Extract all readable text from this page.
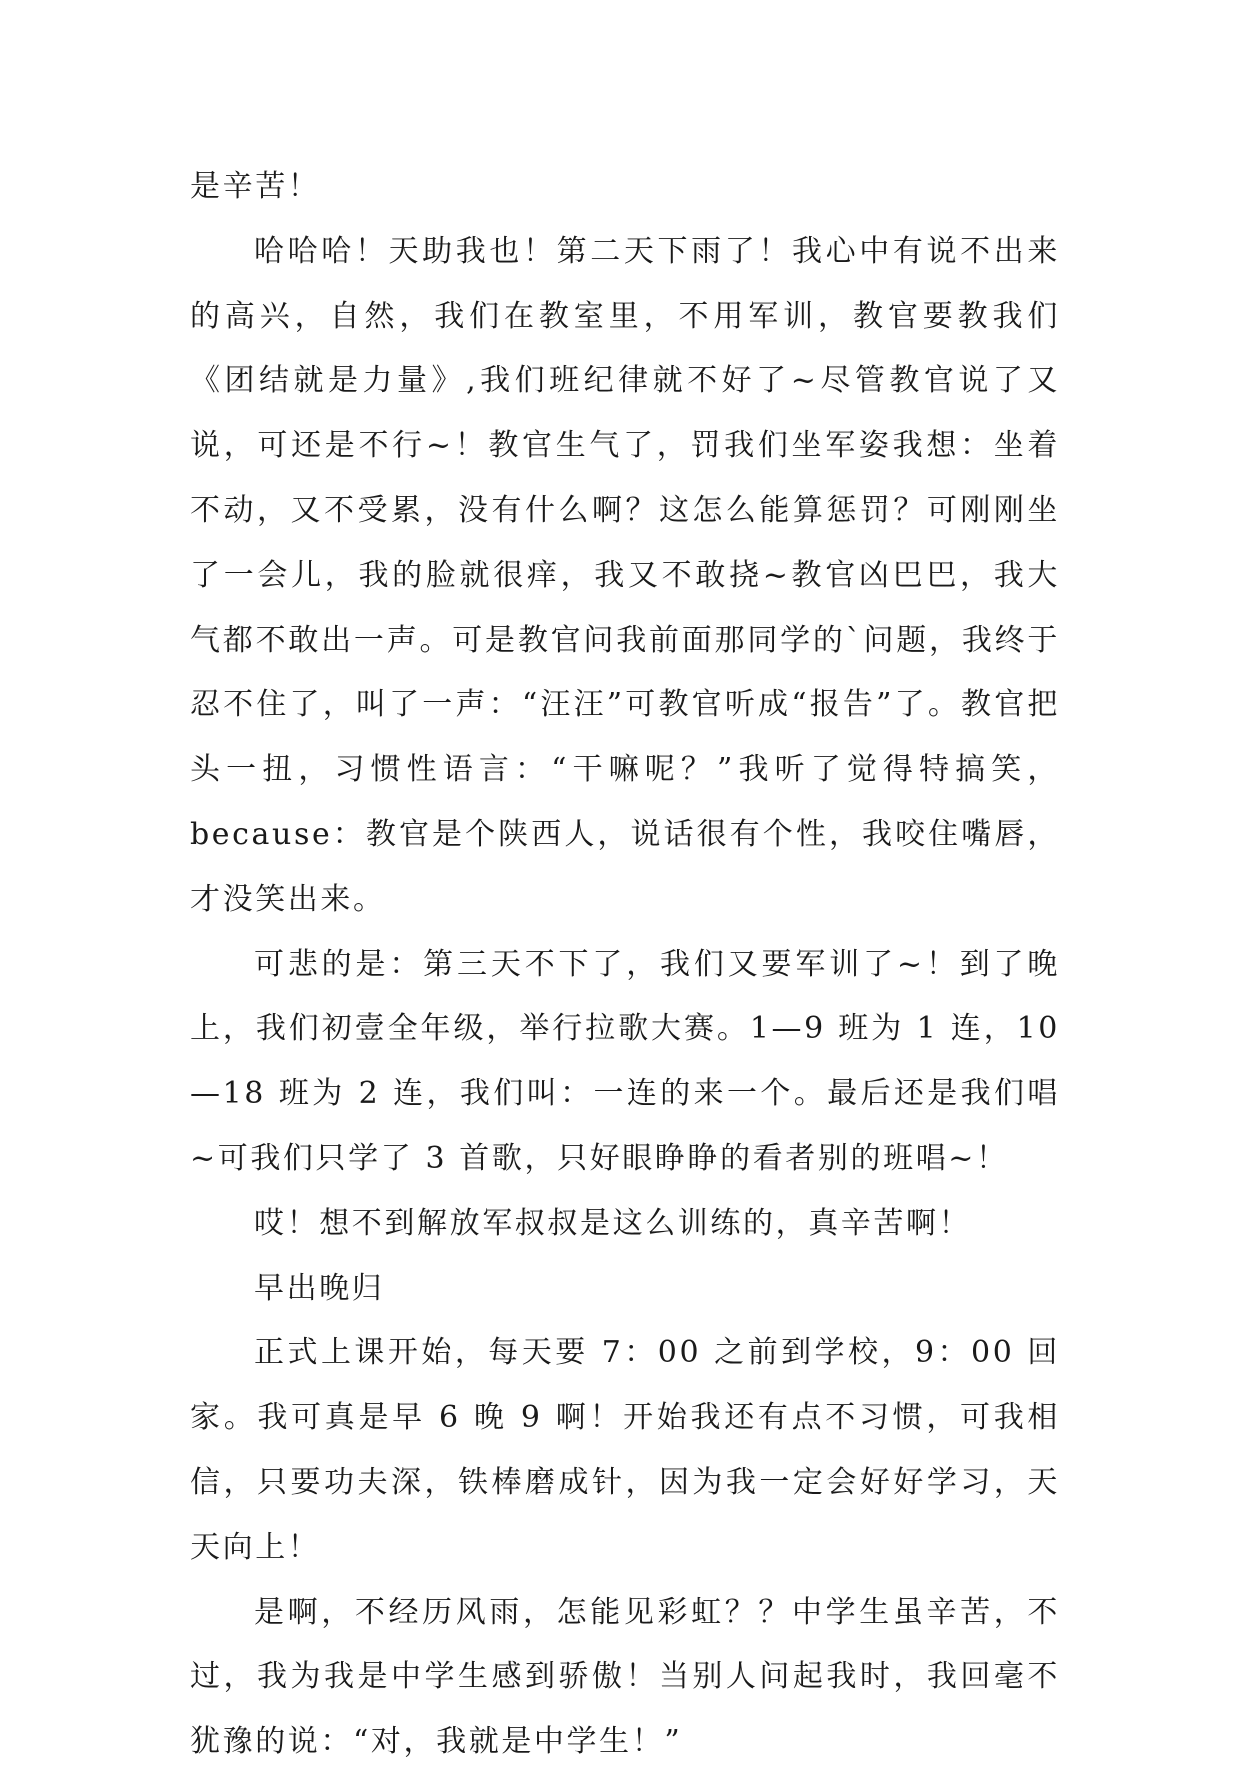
是辛苦！

哈哈哈！天助我也！第二天下雨了！我心中有说不出来的高兴，自然，我们在教室里，不用军训，教官要教我们《团结就是力量》,我们班纪律就不好了~尽管教官说了又说，可还是不行~！教官生气了，罚我们坐军姿我想：坐着不动，又不受累，没有什么啊？这怎么能算惩罚？可刚刚坐了一会儿，我的脸就很痒，我又不敢挠~教官凶巴巴，我大气都不敢出一声。可是教官问我前面那同学的`问题，我终于忍不住了，叫了一声：“汪汪”可教官听成“报告”了。教官把头一扭，习惯性语言：“干嘛呢？”我听了觉得特搞笑，because：教官是个陕西人，说话很有个性，我咬住嘴唇，才没笑出来。

可悲的是：第三天不下了，我们又要军训了~！到了晚上，我们初壹全年级，举行拉歌大赛。1—9 班为 1 连，10—18 班为 2 连，我们叫：一连的来一个。最后还是我们唱~可我们只学了 3 首歌，只好眼睁睁的看者别的班唱~！

哎！想不到解放军叔叔是这么训练的，真辛苦啊！

早出晚归

正式上课开始，每天要 7：00 之前到学校，9：00 回家。我可真是早 6 晚 9 啊！开始我还有点不习惯，可我相信，只要功夫深，铁棒磨成针，因为我一定会好好学习，天天向上！

是啊，不经历风雨，怎能见彩虹？？中学生虽辛苦，不过，我为我是中学生感到骄傲！当别人问起我时，我回毫不犹豫的说：“对，我就是中学生！”
